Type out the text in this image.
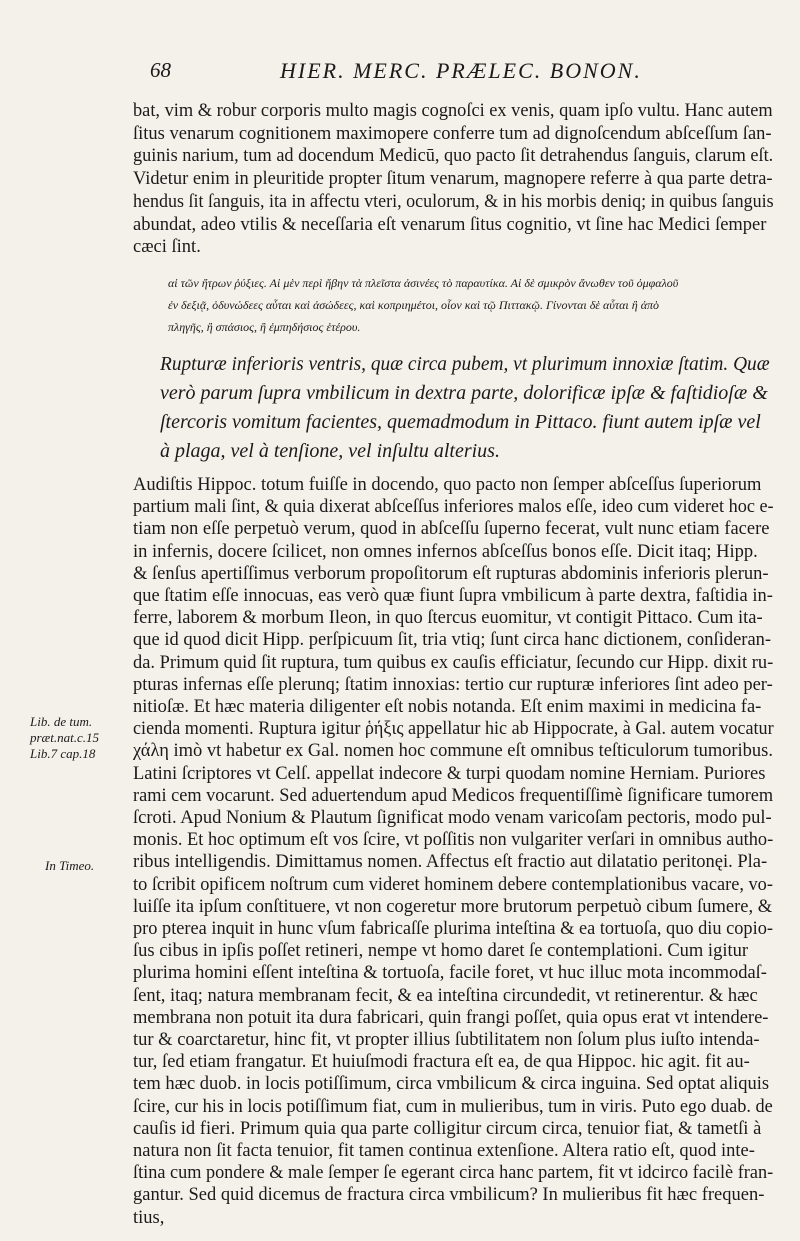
68	HIER. MERC. PRÆLEC. BONON.
bat, vim & robur corporis multo magis cognoſci ex venis, quam ipſo vultu. Hanc autem
ſitus venarum cognitionem maximopere conferre tum ad dignoſcendum abſceſſum ſan-
guinis narium, tum ad docendum Medicū, quo pacto ſit detrahendus ſanguis, clarum eſt.
Videtur enim in pleuritide propter ſitum venarum, magnopere referre à qua parte detra-
hendus ſit ſanguis, ita in affectu vteri, oculorum, & in his morbis deniq; in quibus ſanguis
abundat, adeo vtilis & neceſſaria eſt venarum ſitus cognitio, vt ſine hac Medici ſemper
cæci ſint.
αἱ τῶν ἤτρων ῥύξιες. Αἱ μὲν περὶ ἥβην τὰ πλεῖστα ἀσινέες τὸ παραυτίκα. Αἱ δὲ σμικρὸν ἄνωθεν τοῦ ὀμφαλοῦ
ἐν δεξιᾷ, ὀδυνώδεες αὗται καὶ ἀσώδεες, καὶ κοπριημέτοι, οἷον καὶ τῷ Πιττακῷ. Γίνονται δὲ αὗται ἢ ἀπὸ
πληγῆς, ἢ σπάσιος, ἢ ἐμπηδήσιος ἑτέρου.
Rupturæ inferioris ventris, quæ circa pubem, vt plurimum innoxiæ ſtatim. Quæ
verò parum ſupra vmbilicum in dextra parte, dolorificæ ipſæ & faſtidioſæ &
ſtercoris vomitum facientes, quemadmodum in Pittaco. fiunt autem ipſæ vel
à plaga, vel à tenſione, vel inſultu alterius.
Audiſtis Hippoc. totum fuiſſe in docendo, quo pacto non ſemper abſceſſus ſuperiorum
partium mali ſint, & quia dixerat abſceſſus inferiores malos eſſe, ideo cum videret hoc e-
tiam non eſſe perpetuò verum, quod in abſceſſu ſuperno fecerat, vult nunc etiam facere
in infernis, docere ſcilicet, non omnes infernos abſceſſus bonos eſſe. Dicit itaq; Hipp.
& ſenſus apertiſſimus verborum propoſitorum eſt rupturas abdominis inferioris plerun-
que ſtatim eſſe innocuas, eas verò quæ fiunt ſupra vmbilicum à parte dextra, faſtidia in-
ferre, laborem & morbum Ileon, in quo ſtercus euomitur, vt contigit Pittaco. Cum ita-
que id quod dicit Hipp. perſpicuum ſit, tria vtiq; ſunt circa hanc dictionem, conſideran-
da. Primum quid ſit ruptura, tum quibus ex cauſis efficiatur, ſecundo cur Hipp. dixit ru-
pturas infernas eſſe plerunq; ſtatim innoxias: tertio cur rupturæ inferiores ſint adeo per-
nitioſæ. Et hæc materia diligenter eſt nobis notanda. Eſt enim maximi in medicina fa-
cienda momenti. Ruptura igitur ῥήξις appellatur hic ab Hippocrate, à Gal. autem vocatur
χάλη imò vt habetur ex Gal. nomen hoc commune eſt omnibus teſticulorum tumoribus.
Latini ſcriptores vt Celſ. appellat indecore & turpi quodam nomine Herniam. Puriores
rami cem vocarunt. Sed aduertendum apud Medicos frequentiſſimè ſignificare tumorem
ſcroti. Apud Nonium & Plautum ſignificat modo venam varicoſam pectoris, modo pul-
monis. Et hoc optimum eſt vos ſcire, vt poſſitis non vulgariter verſari in omnibus autho-
ribus intelligendis. Dimittamus nomen. Affectus eſt fractio aut dilatatio peritonęi. Pla-
to ſcribit opificem noſtrum cum videret hominem debere contemplationibus vacare, vo-
luiſſe ita ipſum conſtituere, vt non cogeretur more brutorum perpetuò cibum ſumere, &
pro pterea inquit in hunc vſum fabricaſſe plurima inteſtina & ea tortuoſa, quo diu copio-
ſus cibus in ipſis poſſet retineri, nempe vt homo daret ſe contemplationi. Cum igitur
plurima homini eſſent inteſtina & tortuoſa, facile foret, vt huc illuc mota incommodaſ-
ſent, itaq; natura membranam fecit, & ea inteſtina circundedit, vt retinerentur. & hæc
membrana non potuit ita dura fabricari, quin frangi poſſet, quia opus erat vt intendere-
tur & coarctaretur, hinc fit, vt propter illius ſubtilitatem non ſolum plus iuſto intenda-
tur, ſed etiam frangatur. Et huiuſmodi fractura eſt ea, de qua Hippoc. hic agit. fit au-
tem hæc duob. in locis potiſſimum, circa vmbilicum & circa inguina. Sed optat aliquis
ſcire, cur his in locis potiſſimum fiat, cum in mulieribus, tum in viris. Puto ego duab. de
cauſis id fieri. Primum quia qua parte colligitur circum circa, tenuior fiat, & tametſi à
natura non ſit facta tenuior, fit tamen continua extenſione. Altera ratio eſt, quod inte-
ſtina cum pondere & male ſemper ſe egerant circa hanc partem, fit vt idcirco facilè fran-
gantur. Sed quid dicemus de fractura circa vmbilicum? In mulieribus fit hæc frequen-
tius,
Lib. de tum.
præt.nat.c.15
Lib.7 cap.18
In Timeo.
